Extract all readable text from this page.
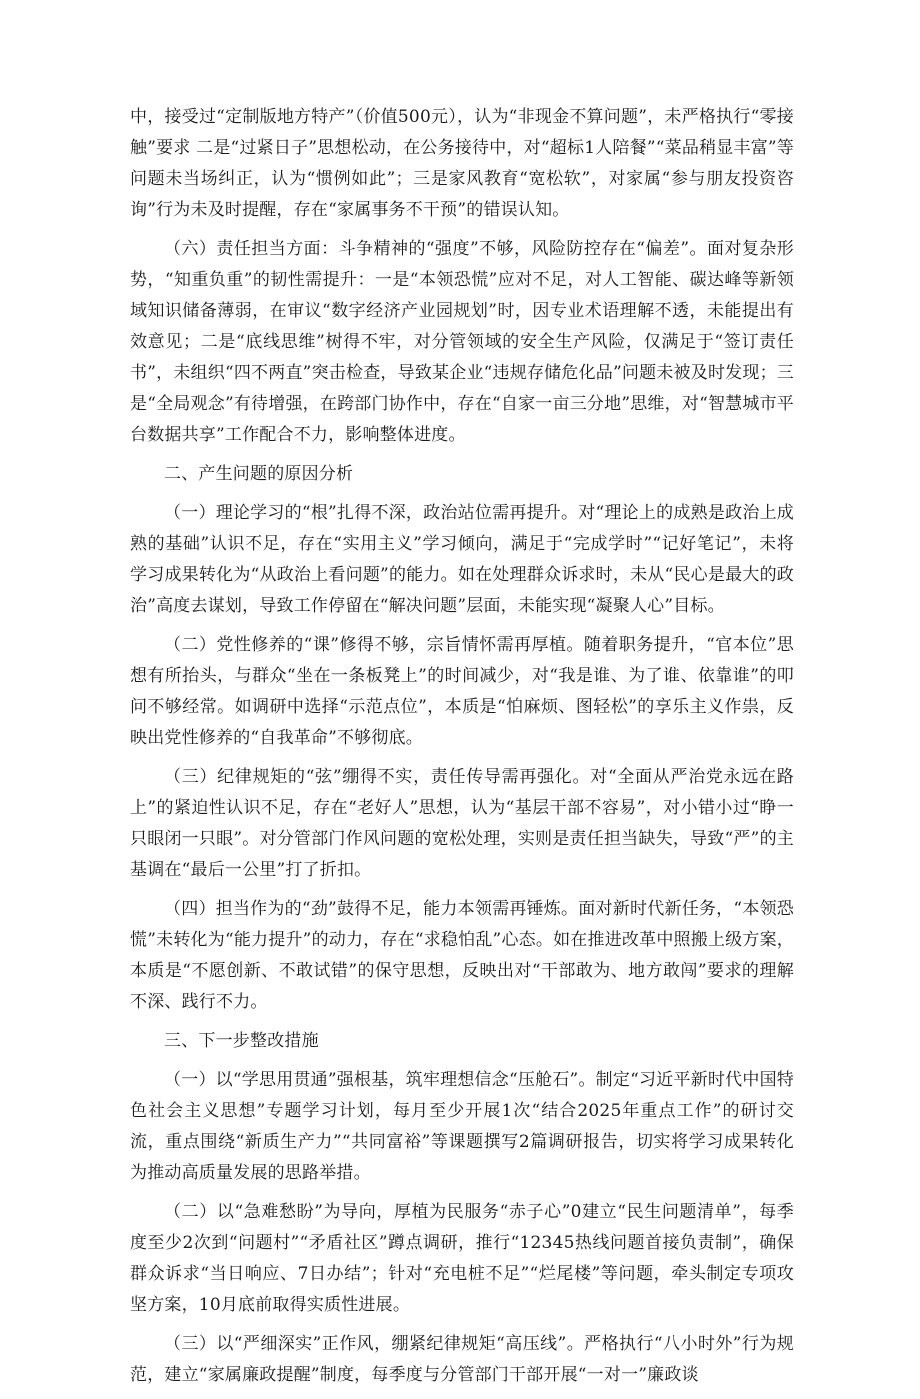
中，接受过“定制版地方特产”（价值500元），认为“非现金不算问题”，未严格执行“零接触”要求 二是“过紧日子”思想松动，在公务接待中，对“超标1人陪餐”“菜品稍显丰富”等问题未当场纠正，认为“惯例如此”；三是家风教育“宽松软”，对家属“参与朋友投资咨询”行为未及时提醒，存在“家属事务不干预”的错误认知。

（六）责任担当方面：斗争精神的“强度”不够，风险防控存在“偏差”。面对复杂形势，“知重负重”的韧性需提升：一是“本领恐慌”应对不足，对人工智能、碳达峰等新领域知识储备薄弱，在审议“数字经济产业园规划”时，因专业术语理解不透，未能提出有效意见；二是“底线思维”树得不牢，对分管领域的安全生产风险，仅满足于“签订责任书”，未组织“四不两直”突击检查，导致某企业“违规存储危化品”问题未被及时发现；三是“全局观念”有待增强，在跨部门协作中，存在“自家一亩三分地”思维，对“智慧城市平台数据共享”工作配合不力，影响整体进度。

二、产生问题的原因分析

（一）理论学习的“根”扎得不深，政治站位需再提升。对“理论上的成熟是政治上成熟的基础”认识不足，存在“实用主义”学习倾向，满足于“完成学时”“记好笔记”，未将学习成果转化为“从政治上看问题”的能力。如在处理群众诉求时，未从“民心是最大的政治”高度去谋划，导致工作停留在“解决问题”层面，未能实现“凝聚人心”目标。

（二）党性修养的“课”修得不够，宗旨情怀需再厚植。随着职务提升，“官本位”思想有所抬头，与群众“坐在一条板凳上”的时间减少，对“我是谁、为了谁、依靠谁”的叩问不够经常。如调研中选择“示范点位”，本质是“怕麻烦、图轻松”的享乐主义作祟，反映出党性修养的“自我革命”不够彻底。

（三）纪律规矩的“弦”绷得不实，责任传导需再强化。对“全面从严治党永远在路上”的紧迫性认识不足，存在“老好人”思想，认为“基层干部不容易”，对小错小过“睁一只眼闭一只眼”。对分管部门作风问题的宽松处理，实则是责任担当缺失，导致“严”的主基调在“最后一公里”打了折扣。

（四）担当作为的“劲”鼓得不足，能力本领需再锤炼。面对新时代新任务，“本领恐慌”未转化为“能力提升”的动力，存在“求稳怕乱”心态。如在推进改革中照搬上级方案，本质是“不愿创新、不敢试错”的保守思想，反映出对“干部敢为、地方敢闯”要求的理解不深、践行不力。

三、下一步整改措施

（一）以“学思用贯通”强根基，筑牢理想信念“压舱石”。制定“习近平新时代中国特色社会主义思想”专题学习计划，每月至少开展1次“结合2025年重点工作”的研讨交流，重点围绕“新质生产力”“共同富裕”等课题撰写2篇调研报告，切实将学习成果转化为推动高质量发展的思路举措。

（二）以“急难愁盼”为导向，厚植为民服务“赤子心”0建立“民生问题清单”，每季度至少2次到“问题村”“矛盾社区”蹲点调研，推行“12345热线问题首接负责制”，确保群众诉求“当日响应、7日办结”；针对“充电桩不足”“烂尾楼”等问题，牵头制定专项攻坚方案，10月底前取得实质性进展。

（三）以“严细深实”正作风，绷紧纪律规矩“高压线”。严格执行“八小时外”行为规范，建立“家属廉政提醒”制度，每季度与分管部门干部开展“一对一”廉政谈
